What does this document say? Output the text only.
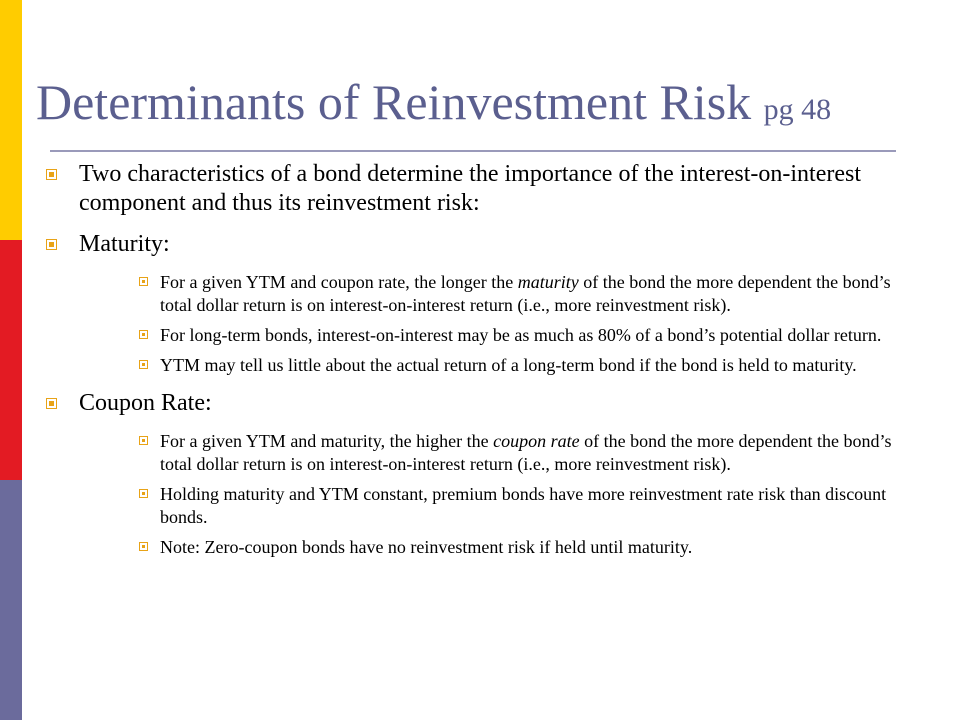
Determinants of Reinvestment Risk pg 48
Two characteristics of a bond determine the importance of the interest-on-interest component and thus its reinvestment risk:
Maturity:
For a given YTM and coupon rate, the longer the maturity of the bond the more dependent the bond’s total dollar return is on interest-on-interest return (i.e., more reinvestment risk).
For long-term bonds, interest-on-interest may be as much as 80% of a bond’s potential dollar return.
YTM may tell us little about the actual return of a long-term bond if the bond is held to maturity.
Coupon Rate:
For a given YTM and maturity, the higher the coupon rate of the bond the more dependent the bond’s total dollar return is on interest-on-interest return (i.e., more reinvestment risk).
Holding maturity and YTM constant, premium bonds have more reinvestment rate risk than discount bonds.
Note: Zero-coupon bonds have no reinvestment risk if held until maturity.
